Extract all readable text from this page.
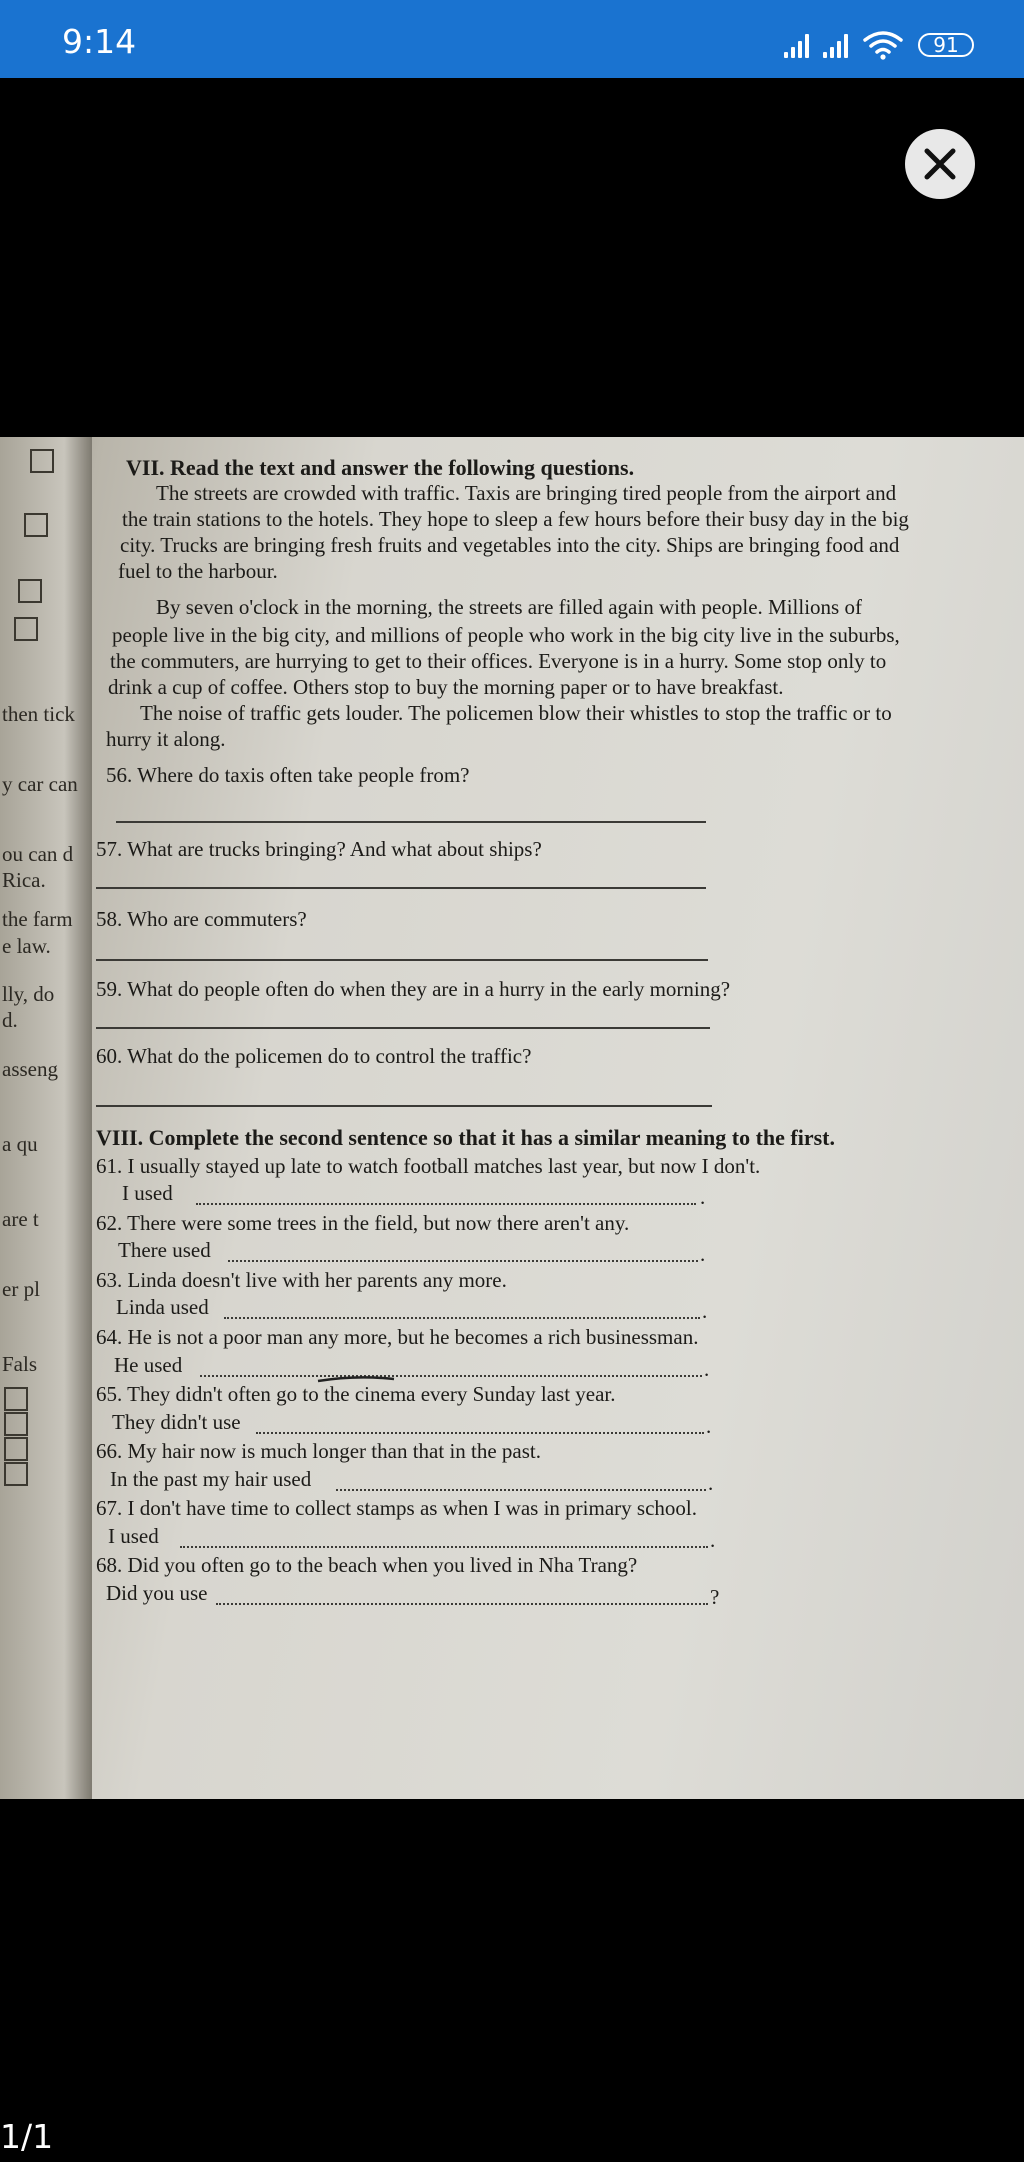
9:14	91
then tick
y car can
ou can d
Rica.
the farm
e law.
lly, do
d.
asseng
a qu
are t
er pl
Fals
VII. Read the text and answer the following questions.
The streets are crowded with traffic. Taxis are bringing tired people from the airport and
the train stations to the hotels. They hope to sleep a few hours before their busy day in the big
city. Trucks are bringing fresh fruits and vegetables into the city. Ships are bringing food and
fuel to the harbour.
By seven o'clock in the morning, the streets are filled again with people. Millions of
people live in the big city, and millions of people who work in the big city live in the suburbs,
the commuters, are hurrying to get to their offices. Everyone is in a hurry. Some stop only to
drink a cup of coffee. Others stop to buy the morning paper or to have breakfast.
The noise of traffic gets louder. The policemen blow their whistles to stop the traffic or to
hurry it along.
56. Where do taxis often take people from?
57. What are trucks bringing? And what about ships?
58. Who are commuters?
59. What do people often do when they are in a hurry in the early morning?
60. What do the policemen do to control the traffic?
VIII. Complete the second sentence so that it has a similar meaning to the first.
61. I usually stayed up late to watch football matches last year, but now I don't.
I used	.
62. There were some trees in the field, but now there aren't any.
There used	.
63. Linda doesn't live with her parents any more.
Linda used	.
64. He is not a poor man any more, but he becomes a rich businessman.
He used	.
65. They didn't often go to the cinema every Sunday last year.
They didn't use	.
66. My hair now is much longer than that in the past.
In the past my hair used	.
67. I don't have time to collect stamps as when I was in primary school.
I used	.
68. Did you often go to the beach when you lived in Nha Trang?
Did you use	?
1/1
